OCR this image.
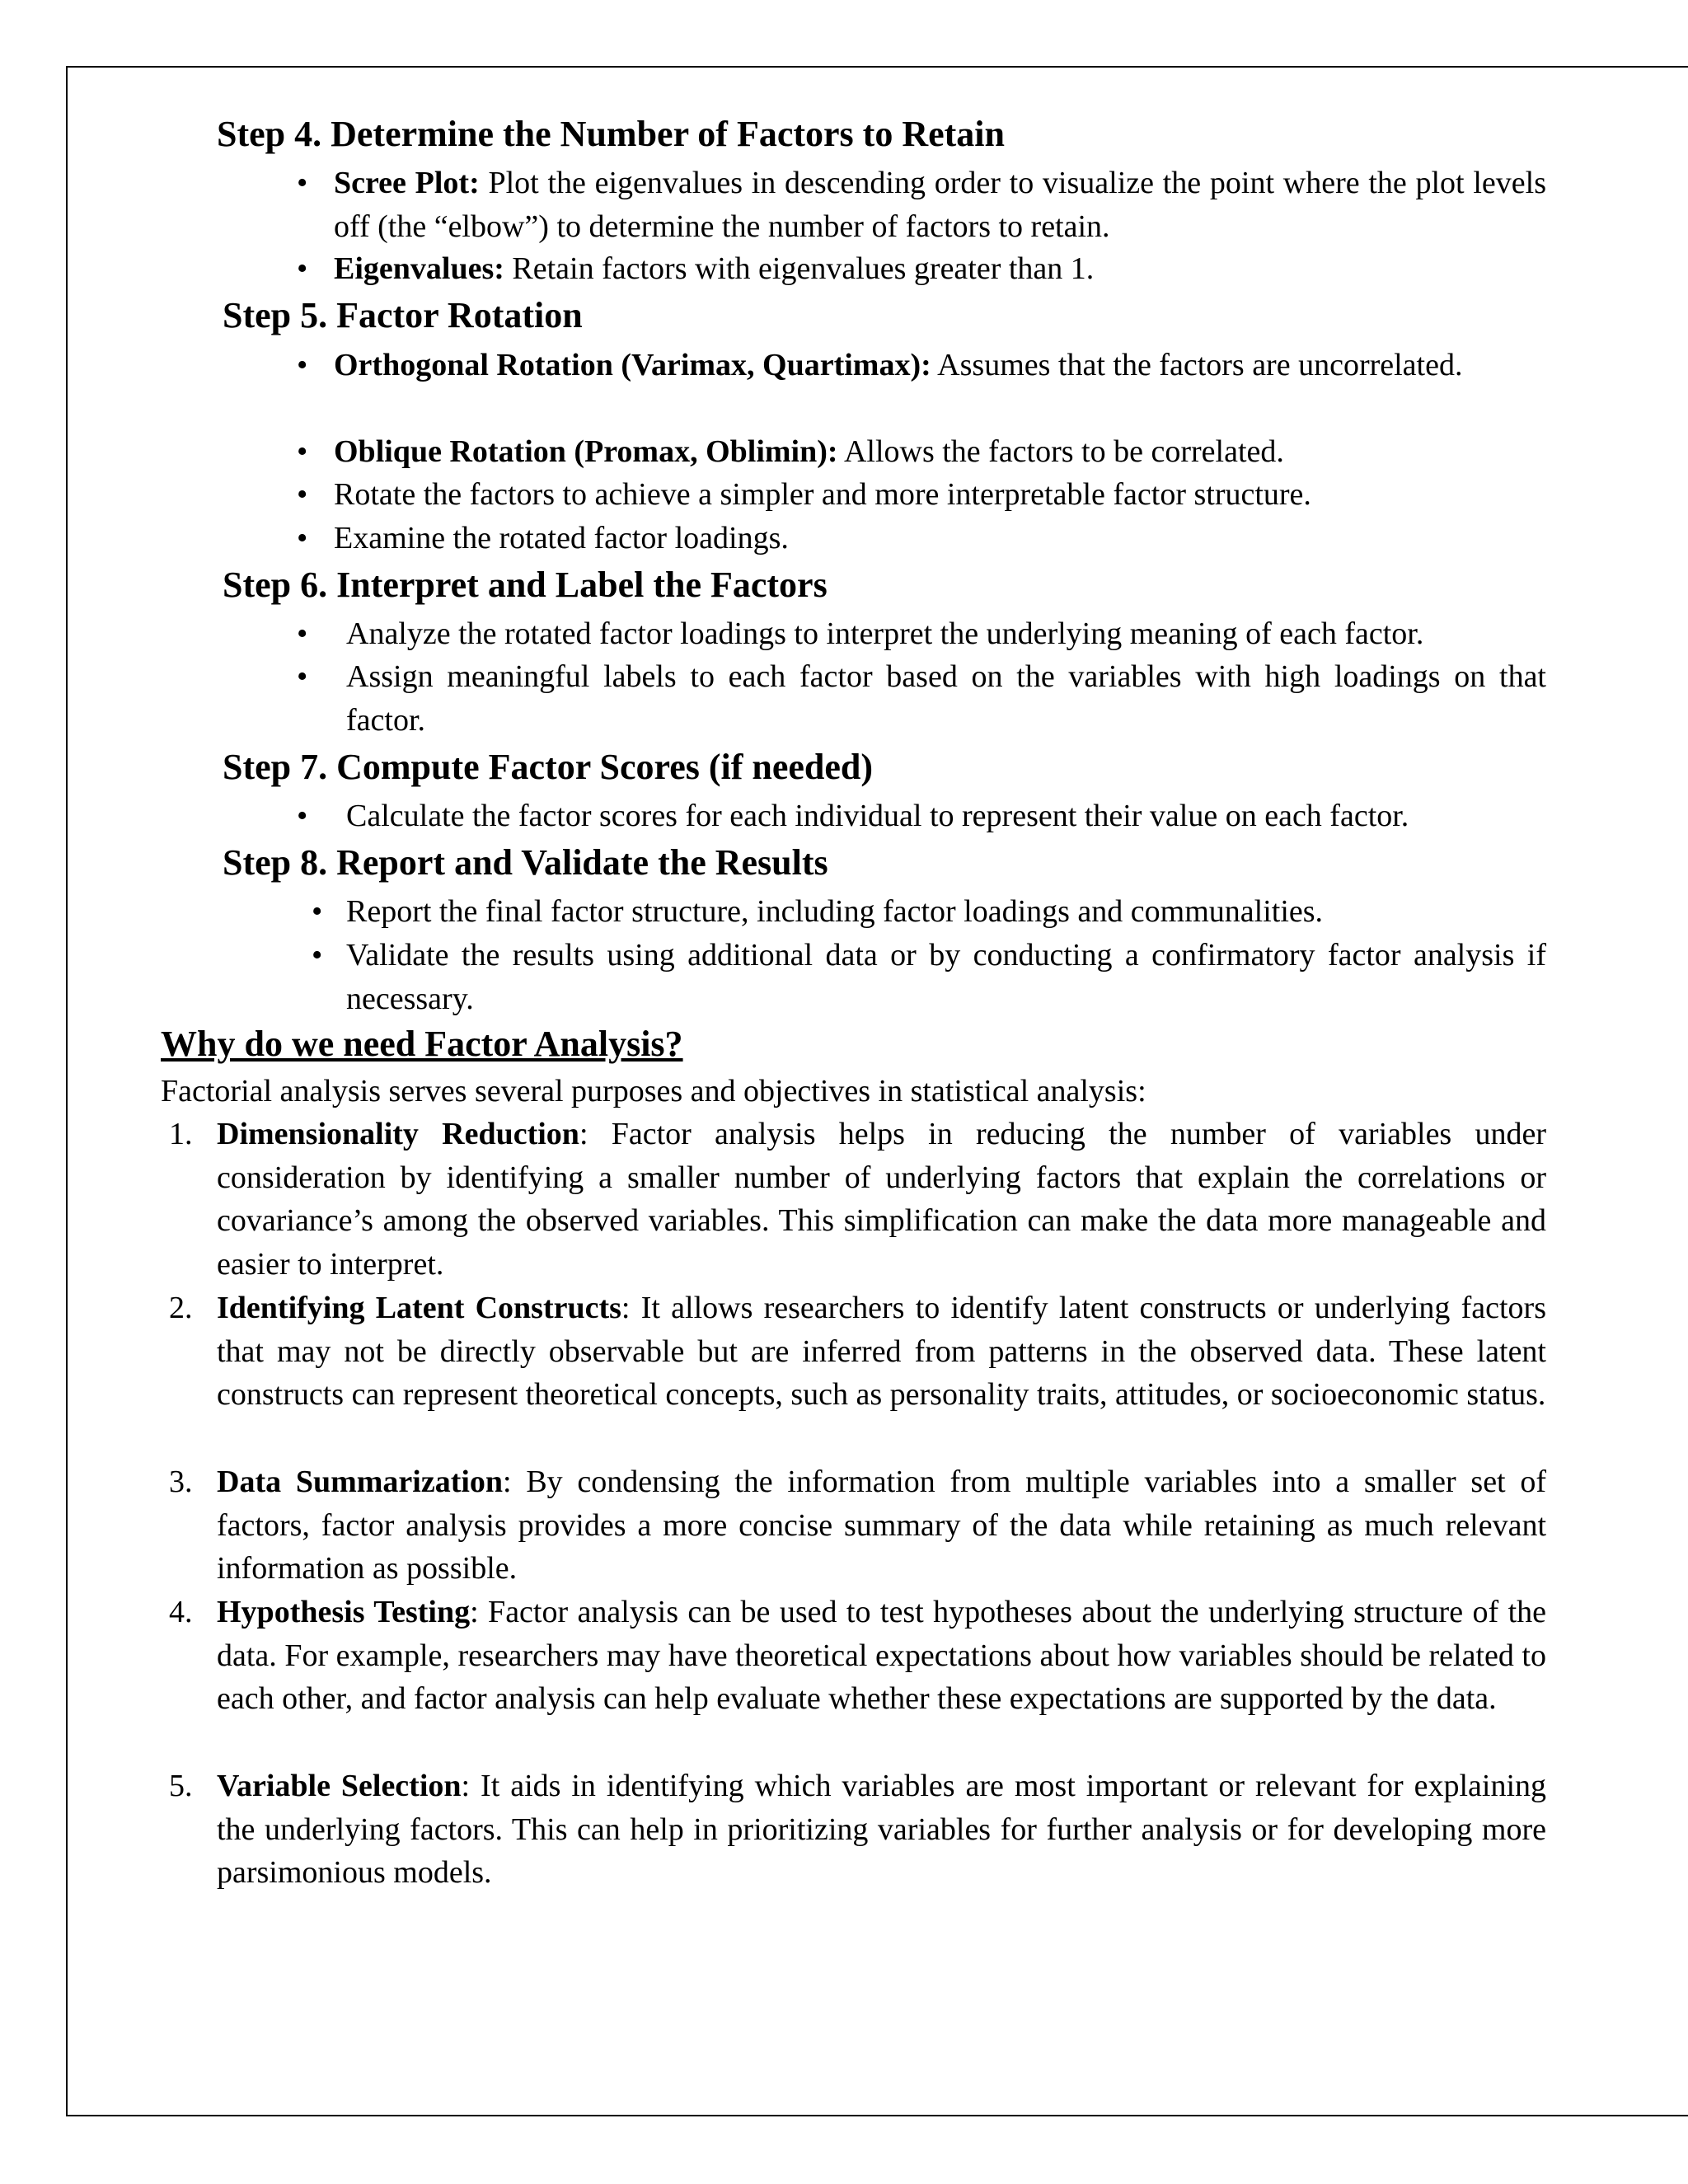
Step 4. Determine the Number of Factors to Retain
• Scree Plot: Plot the eigenvalues in descending order to visualize the point where the plot levels off (the “elbow”) to determine the number of factors to retain.
• Eigenvalues: Retain factors with eigenvalues greater than 1.
Step 5. Factor Rotation
• Orthogonal Rotation (Varimax, Quartimax): Assumes that the factors are uncorrelated.
• Oblique Rotation (Promax, Oblimin): Allows the factors to be correlated.
• Rotate the factors to achieve a simpler and more interpretable factor structure.
• Examine the rotated factor loadings.
Step 6. Interpret and Label the Factors
• Analyze the rotated factor loadings to interpret the underlying meaning of each factor.
• Assign meaningful labels to each factor based on the variables with high loadings on that factor.
Step 7. Compute Factor Scores (if needed)
• Calculate the factor scores for each individual to represent their value on each factor.
Step 8. Report and Validate the Results
• Report the final factor structure, including factor loadings and communalities.
• Validate the results using additional data or by conducting a confirmatory factor analysis if necessary.
Why do we need Factor Analysis?
Factorial analysis serves several purposes and objectives in statistical analysis:
1. Dimensionality Reduction: Factor analysis helps in reducing the number of variables under consideration by identifying a smaller number of underlying factors that explain the correlations or covariance’s among the observed variables. This simplification can make the data more manageable and easier to interpret.
2. Identifying Latent Constructs: It allows researchers to identify latent constructs or underlying factors that may not be directly observable but are inferred from patterns in the observed data. These latent constructs can represent theoretical concepts, such as personality traits, attitudes, or socioeconomic status.
3. Data Summarization: By condensing the information from multiple variables into a smaller set of factors, factor analysis provides a more concise summary of the data while retaining as much relevant information as possible.
4. Hypothesis Testing: Factor analysis can be used to test hypotheses about the underlying structure of the data. For example, researchers may have theoretical expectations about how variables should be related to each other, and factor analysis can help evaluate whether these expectations are supported by the data.
5. Variable Selection: It aids in identifying which variables are most important or relevant for explaining the underlying factors. This can help in prioritizing variables for further analysis or for developing more parsimonious models.
